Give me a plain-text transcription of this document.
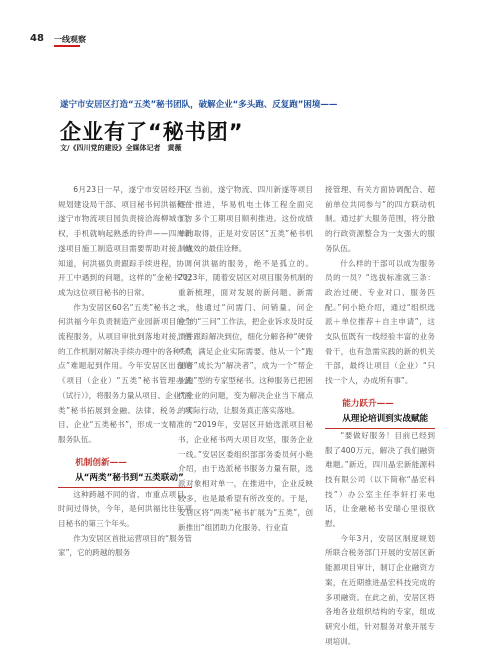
48 一线观察
遂宁市安居区打造“五类”秘书团队，破解企业“多头跑、反复跑”困境——
企业有了“秘书团”
文/《四川党的建设》全媒体记者　黄薇

6月23日一早，遂宁市安居经开区规划建设局干部、项目秘书何洪福和在遂宁市物流项目园负责接洽海柳城市物权，手机就响起熟悉的铃声——四川新遂项目施工制造项目需要帮助对接。他知道，何洪福负责跟踪手续进程，协调开工中遇到的问题，这样的“金秘书”已成为这位项目秘书的日常。

作为安居区60名“五类”秘书之一，何洪福今年负责制造产业园新项目的全流程服务，从项目审批到落地对接，他的工作机制对解决手续办理中的各种“难点”难题起到作用。今年安居区出台的《项目（企业）“五类”秘书管理办法（试行）》，将服务力量从项目、企业“两类”秘书拓展到金融、法律、税务、项目、企业“五类秘书”，形成一支精准的服务队伍。

机制创新——

从“两类”秘书到“五类联动”

这种跨越不同的省、市重点项目，时间过得快，今年，是何洪福比往年项目秘书的第三个年头。

作为安居区首批运营项目的“服务管家”，它的跨越的服务

下。当前，遂宁物流、四川新遂等项目逐个推进，华易机电土体工程全面完工，多个工期项目顺利推进。这份成绩单的取得，正是对安居区“五类”秘书机制成效的最佳诠释。

何洪福的服务，绝不是孤立的。2023年，随着安居区对项目服务机制的重新梳理，面对发展的新问题、新需求，他通过“问需门、问销量、问企业”的“三问”工作法，把企业诉求及时反馈并跟踪解决到位，细化分解各种“硬骨头”，满足企业实际需要。他从一个“跑腿者”成长为“解决者”，成为一个“帮企业跑”型的专家型秘书。这种服务已把困扰企业的问题，变为解决企业当下痛点的实际行动，让服务真正落实落地。

“2019年，安居区开始选派项目秘书，企业秘书两大项目攻坚，服务企业一线。”安居区委组织部部务委员何小艳介绍，由于选派秘书服务力量有限，选派对象相对单一，在推进中，企业反映较多，也是最希望有所改变的。于是，安居区将“两类”秘书扩展为“五类”，创新推出“组团助力化服务、行业直

接管理、有关方面协调配合、超前单位共同参与”的四方联动机制。通过扩大服务范围，将分散的行政资源整合为一支强大的服务队伍。

什么样的干部可以成为服务员的一员？“选拔标准就三条：政治过硬、专业对口、服务匹配。”何小艳介绍，通过“组织选派＋单位推荐＋自主申请”，这支队伍既有一线经验丰富的业务骨干，也有急需实践的新的机关干部，最终让项目（企业）“只找一个人，办成所有事”。

能力跃升——

从理论培训到实战赋能

“要做好服务！目前已经到服了400万元，解决了我们融资难题。”新近，四川晶宏新能源科技有限公司（以下简称“晶宏科技”）办公室主任李轩打来电话，让金融秘书安瑞心里很欣慰。

今年3月，安居区制度规划所联合税务部门开展的安居区新能源项目审计，制订企业融资方案，在近期推进晶宏科技完成的多项融资。在此之前，安居区将各地各业组织结构的专家，组成研究小组，针对服务对象开展专项培训。
